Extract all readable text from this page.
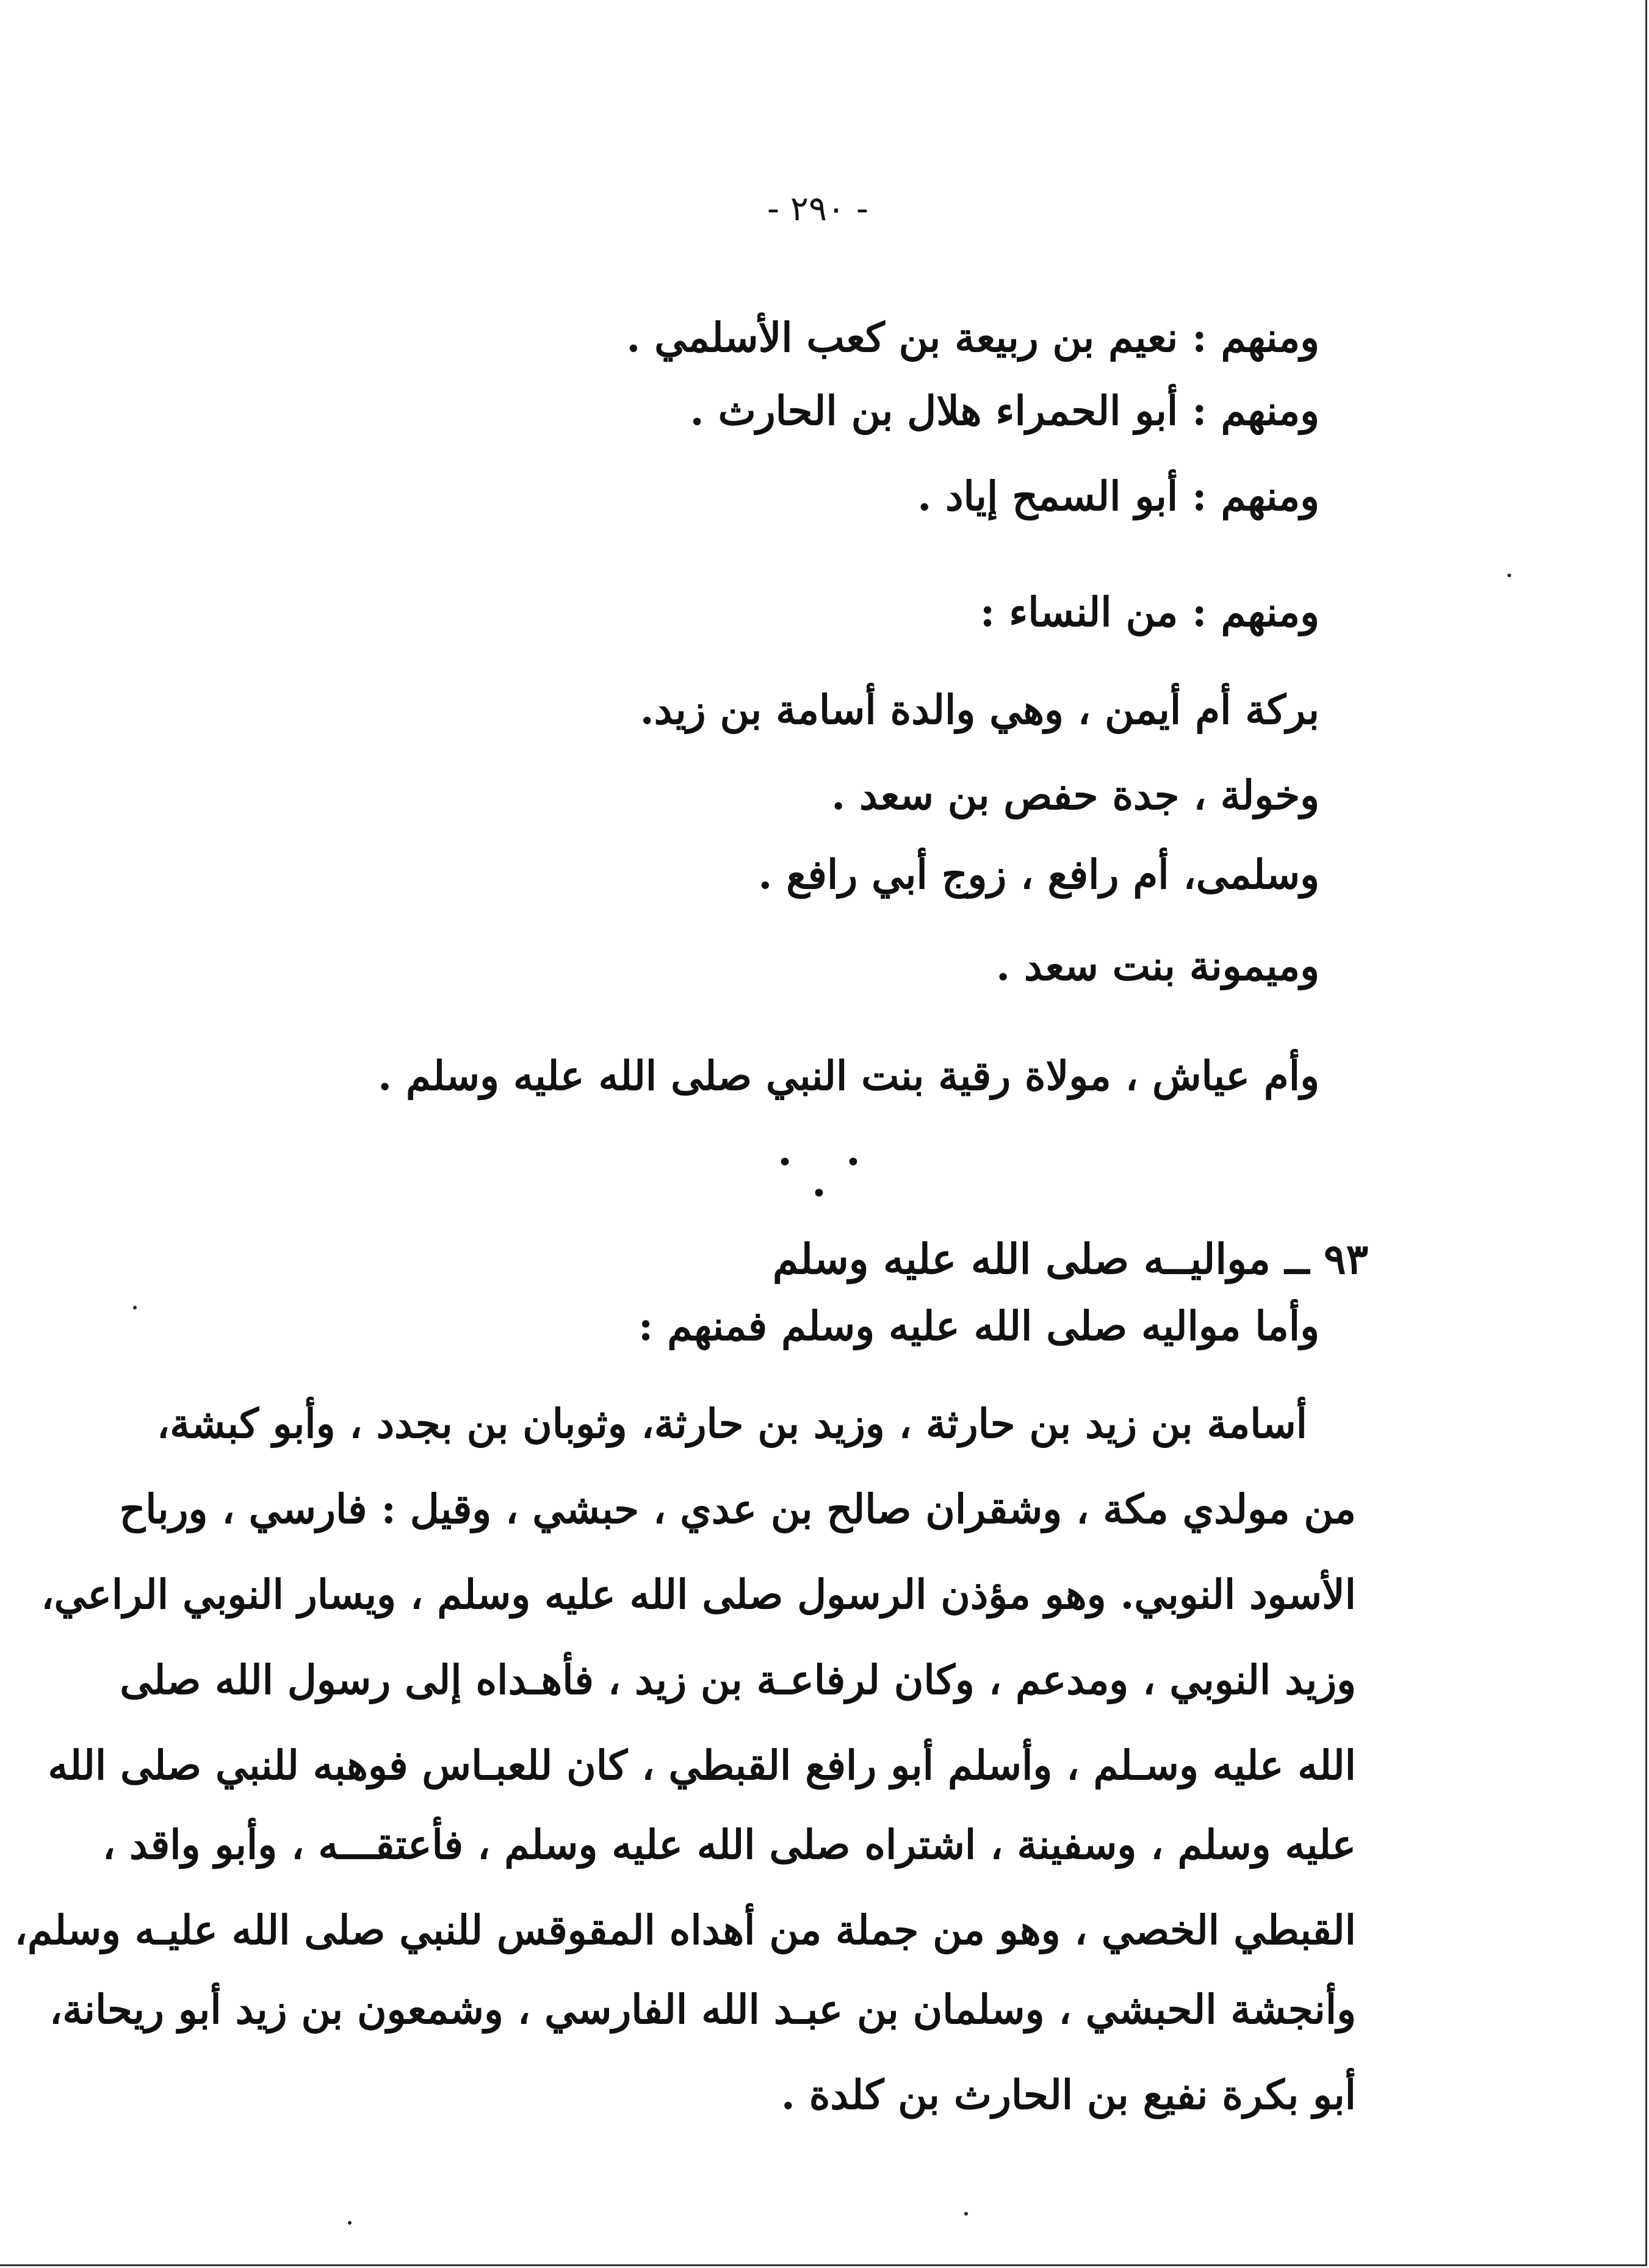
- ٢٩٠ -
ومنهم : نعيم بن ربيعة بن كعب الأسلمي .
ومنهم : أبو الحمراء هلال بن الحارث .
ومنهم : أبو السمح إياد .
ومنهم : من النساء :
بركة أم أيمن ، وهي والدة أسامة بن زيد.
وخولة ، جدة حفص بن سعد .
وسلمى، أم رافع ، زوج أبي رافع .
وميمونة بنت سعد .
وأم عياش ، مولاة رقية بنت النبي صلى الله عليه وسلم .
• • •
٩٣ ــ مواليــه صلى الله عليه وسلم
وأما مواليه صلى الله عليه وسلم فمنهم :
أسامة بن زيد بن حارثة ، وزيد بن حارثة، وثوبان بن بجدد ، وأبو كبشة،
من مولدي مكة ، وشقران صالح بن عدي ، حبشي ، وقيل : فارسي ، ورباح
الأسود النوبي. وهو مؤذن الرسول صلى الله عليه وسلم ، ويسار النوبي الراعي،
وزيد النوبي ، ومدعم ، وكان لرفاعـة بن زيد ، فأهـداه إلى رسول الله صلى
الله عليه وسـلم ، وأسلم أبو رافع القبطي ، كان للعبـاس فوهبه للنبي صلى الله
عليه وسلم ، وسفينة ، اشتراه صلى الله عليه وسلم ، فأعتقـــه ، وأبو واقد ،
القبطي الخصي ، وهو من جملة من أهداه المقوقس للنبي صلى الله عليـه وسلم،
وأنجشة الحبشي ، وسلمان بن عبـد الله الفارسي ، وشمعون بن زيد أبو ريحانة،
أبو بكرة نفيع بن الحارث بن كلدة .
